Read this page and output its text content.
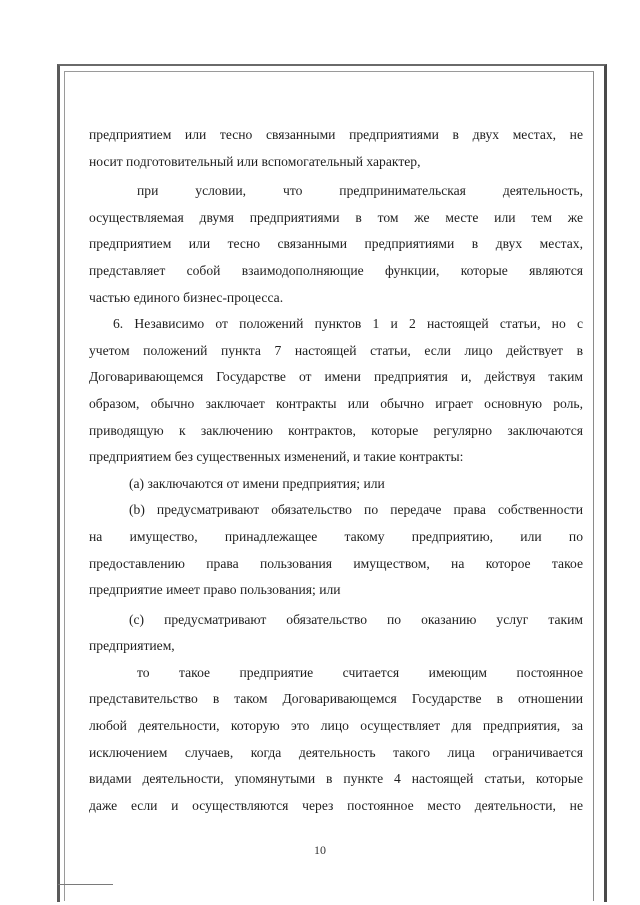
предприятием или тесно связанными предприятиями в двух местах, не
носит подготовительный или вспомогательный характер,
при условии, что предпринимательская деятельность,
осуществляемая двумя предприятиями в том же месте или тем же
предприятием или тесно связанными предприятиями в двух местах,
представляет собой взаимодополняющие функции, которые являются
частью единого бизнес-процесса.
6. Независимо от положений пунктов 1 и 2 настоящей статьи, но с
учетом положений пункта 7 настоящей статьи, если лицо действует в
Договаривающемся Государстве от имени предприятия и, действуя таким
образом, обычно заключает контракты или обычно играет основную роль,
приводящую к заключению контрактов, которые регулярно заключаются
предприятием без существенных изменений, и такие контракты:
(a) заключаются от имени предприятия; или
(b) предусматривают обязательство по передаче права собственности
на имущество, принадлежащее такому предприятию, или по
предоставлению права пользования имуществом, на которое такое
предприятие имеет право пользования; или
(c) предусматривают обязательство по оказанию услуг таким
предприятием,
то такое предприятие считается имеющим постоянное
представительство в таком Договаривающемся Государстве в отношении
любой деятельности, которую это лицо осуществляет для предприятия, за
исключением случаев, когда деятельность такого лица ограничивается
видами деятельности, упомянутыми в пункте 4 настоящей статьи, которые
даже если и осуществляются через постоянное место деятельности, не
10
